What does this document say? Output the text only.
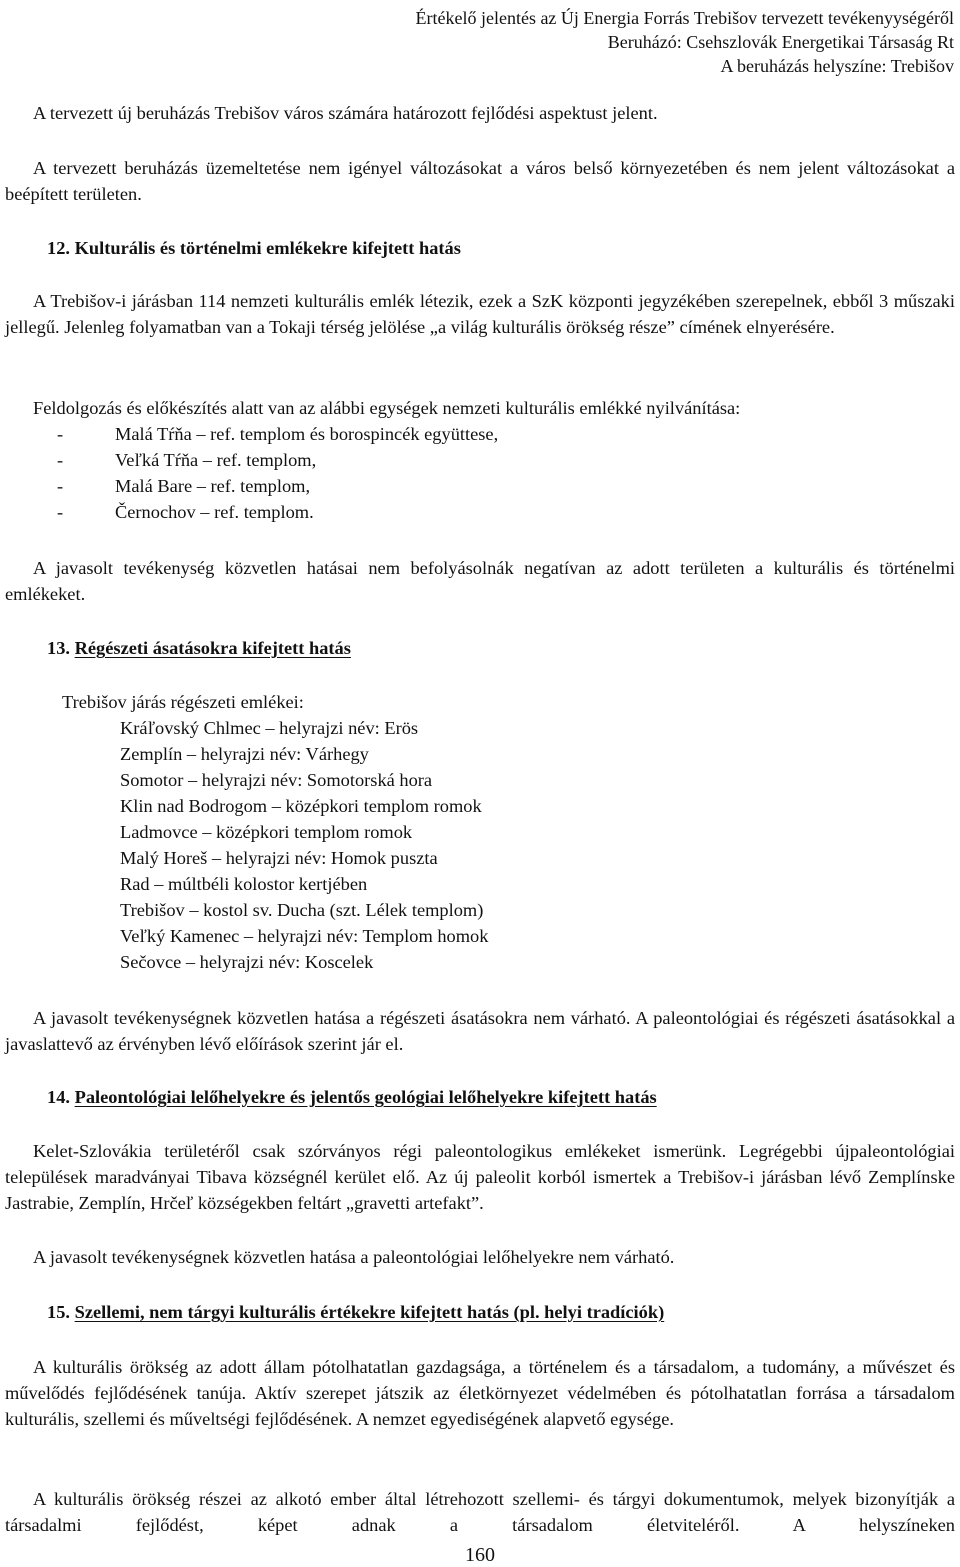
Értékelő jelentés az Új Energia Forrás Trebišov tervezett tevékenyységéről
Beruházó: Csehszlovák Energetikai Társaság Rt
A beruházás helyszíne: Trebišov

A tervezett új beruházás Trebišov város számára határozott fejlődési aspektust jelent.

A tervezett beruházás üzemeltetése nem igényel változásokat a város belső környezetében és nem jelent változásokat a beépített területen.

12. Kulturális és történelmi emlékekre kifejtett hatás

A Trebišov-i járásban 114 nemzeti kulturális emlék létezik, ezek a SzK központi jegyzékében szerepelnek, ebből 3 műszaki jellegű. Jelenleg folyamatban van a Tokaji térség jelölése „a világ kulturális örökség része” címének elnyerésére.

Feldolgozás és előkészítés alatt van az alábbi egységek nemzeti kulturális emlékké nyilvánítása:

-	Malá Tŕňa – ref. templom és borospincék együttese,
-	Veľká Tŕňa – ref. templom,
-	Malá Bare – ref. templom,
-	Černochov – ref. templom.

A javasolt tevékenység közvetlen hatásai nem befolyásolnák negatívan az adott területen a kulturális és történelmi emlékeket.

13. Régészeti ásatásokra kifejtett hatás

Trebišov járás régészeti emlékei:

Kráľovský Chlmec – helyrajzi név: Erös
Zemplín – helyrajzi név: Várhegy
Somotor – helyrajzi név: Somotorská hora
Klin nad Bodrogom – középkori templom romok
Ladmovce – középkori templom romok
Malý Horeš – helyrajzi név: Homok puszta
Rad – múltbéli kolostor kertjében
Trebišov – kostol sv. Ducha (szt. Lélek templom)
Veľký Kamenec – helyrajzi név: Templom homok
Sečovce – helyrajzi név: Koscelek

A javasolt tevékenységnek közvetlen hatása a régészeti ásatásokra nem várható. A paleontológiai és régészeti ásatásokkal a javaslattevő az érvényben lévő előírások szerint jár el.

14. Paleontológiai lelőhelyekre és jelentős geológiai lelőhelyekre kifejtett hatás

Kelet-Szlovákia területéről csak szórványos régi paleontologikus emlékeket ismerünk. Legrégebbi újpaleontológiai települések maradványai Tibava községnél kerület elő. Az új paleolit korból ismertek a Trebišov-i járásban lévő Zemplínske Jastrabie, Zemplín, Hrčeľ községekben feltárt „gravetti artefakt”.

A javasolt tevékenységnek közvetlen hatása a paleontológiai lelőhelyekre nem várható.

15. Szellemi, nem tárgyi kulturális értékekre kifejtett hatás (pl. helyi tradíciók)

A kulturális örökség az adott állam pótolhatatlan gazdagsága, a történelem és a társadalom, a tudomány, a művészet és művelődés fejlődésének tanúja. Aktív szerepet játszik az életkörnyezet védelmében és pótolhatatlan forrása a társadalom kulturális, szellemi és műveltségi fejlődésének. A nemzet egyediségének alapvető egysége.

A kulturális örökség részei az alkotó ember által létrehozott szellemi- és tárgyi dokumentumok, melyek bizonyítják a társadalmi fejlődést, képet adnak a társadalom életviteléről. A helyszíneken

160
